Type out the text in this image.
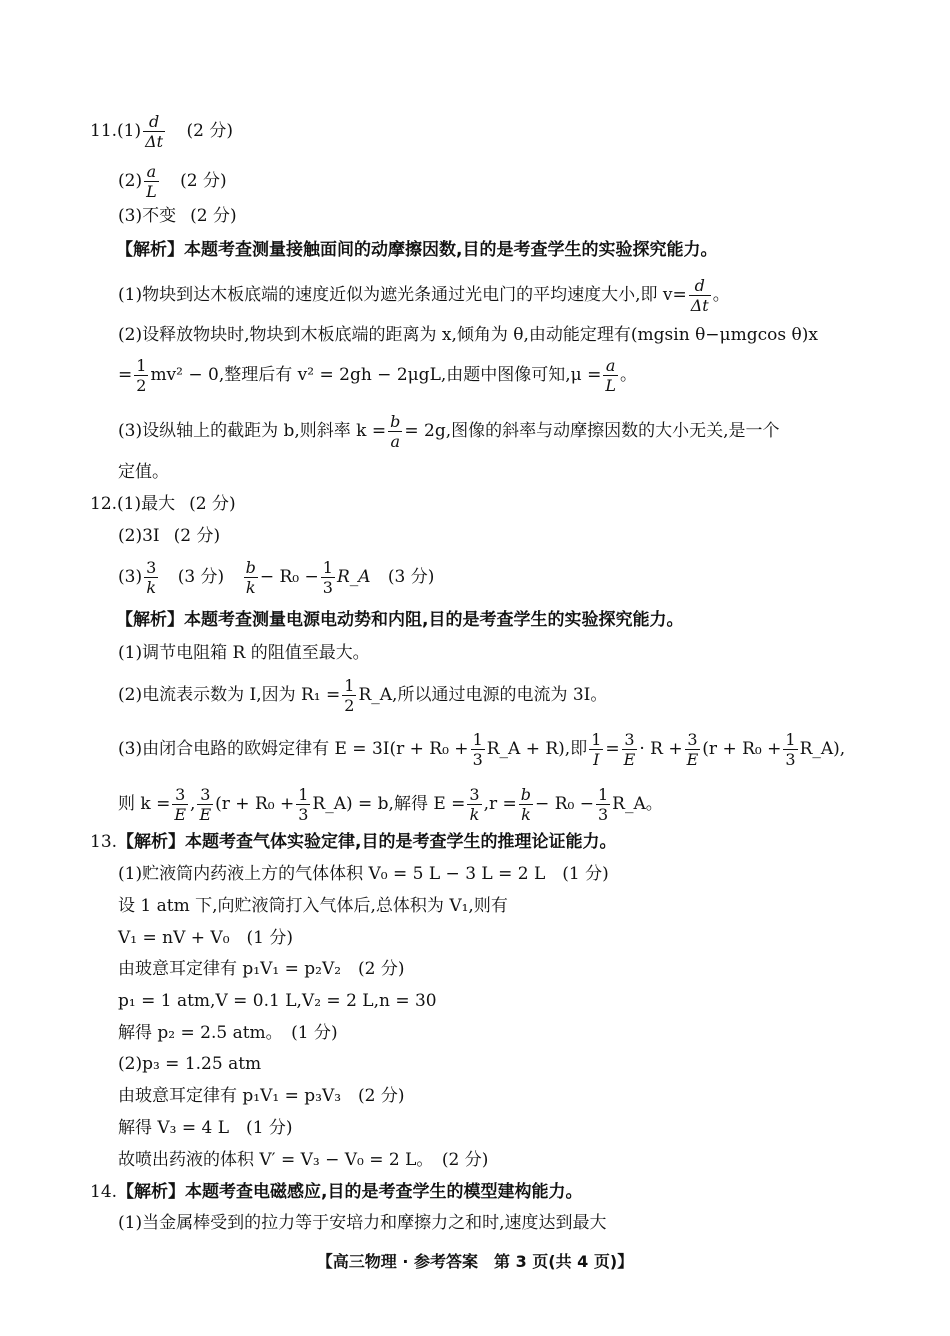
$11.(1) \frac{d}{\Delta t} (2$ 分)
$(2) \frac{a}{L} (2$ 分)
(3)不变 (2 分)
【解析】本题考查测量接触面间的动摩擦因数,目的是考查学生的实验探究能力。
(1)物块到达木板底端的速度近似为遮光条通过光电门的平均速度大小,即 $v= \frac{d}{\Delta t}$ 。
(2)设释放物块时,物块到木板底端的距离为 x,倾角为 θ,由动能定理有(mgsin θ−μmgcos θ)x
= $\frac{1}{2} mv^2 - 0$,整理后有 v² = 2gh − 2μgL,由题中图像可知$,\mu = \frac{a}{L}$ 。
(3)设纵轴上的截距为 b,则斜率 $k = \frac{b}{a} = 2g$,图像的斜率与动摩擦因数的大小无关,是一个
定值。
12.(1)最大 (2 分)
(2)3I (2 分)
$(3) \frac{3}{k} (3$ 分) $\frac{b}{k} - R_0 - \frac{1}{3}$ R_A (3 分)
【解析】本题考查测量电源电动势和内阻,目的是考查学生的实验探究能力。
(1)调节电阻箱 R 的阻值至最大。
(2)电流表示数为 I,因为 $R_1 = \frac{1}{2}$ R_A,所以通过电源的电流为 3I。
(3)由闭合电路的欧姆定律有 $E = 3I(r + R_0 + \frac{1}{3}$ R_A + R),即 $\frac{1}{I} = \frac{3}{E} \cdot R + \frac{3}{E} (r + R_0 + \frac{1}{3}$ R_A),
则 $k = \frac{3}{E}$ , $\frac{3}{E} (r + R_0 + \frac{1}{3}$ R_A) = b,解得 $E = \frac{3}{k} ,r = \frac{b}{k} - R_0 - \frac{1}{3}$ R_A。
13.【解析】本题考查气体实验定律,目的是考查学生的推理论证能力。
(1)贮液筒内药液上方的气体体积 V₀ = 5 L − 3 L = 2 L　(1 分)
设 1 atm 下,向贮液筒打入气体后,总体积为 V₁,则有
V₁ = nV + V₀　(1 分)
由玻意耳定律有 p₁V₁ = p₂V₂　(2 分)
p₁ = 1 atm,V = 0.1 L,V₂ = 2 L,n = 30
解得 p₂ = 2.5 atm。　(1 分)
(2)p₃ = 1.25 atm
由玻意耳定律有 p₁V₁ = p₃V₃　(2 分)
解得 V₃ = 4 L　(1 分)
故喷出药液的体积 V′ = V₃ − V₀ = 2 L。　(2 分)
14.【解析】本题考查电磁感应,目的是考查学生的模型建构能力。
(1)当金属棒受到的拉力等于安培力和摩擦力之和时,速度达到最大
【高三物理 · 参考答案　第 3 页(共 4 页)】
